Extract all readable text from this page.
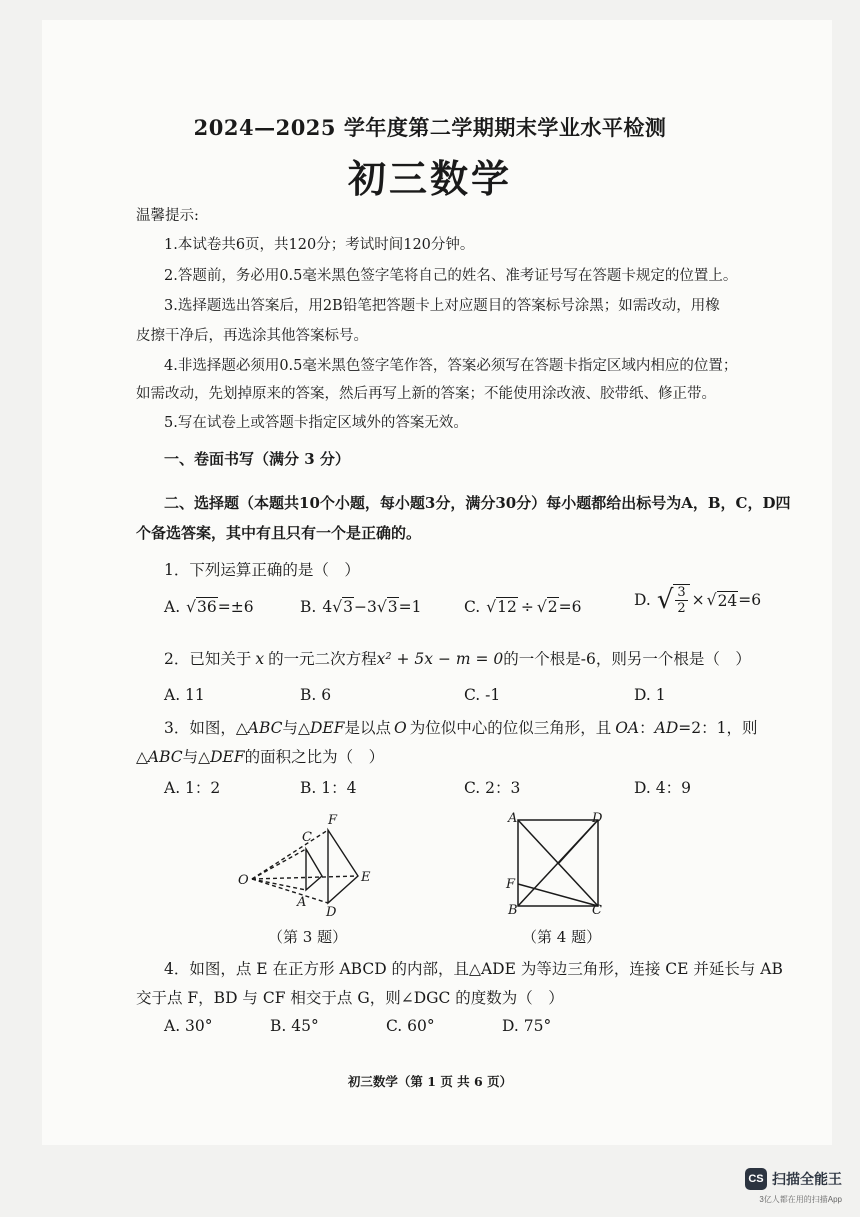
2024—2025 学年度第二学期期末学业水平检测
初三数学
温馨提示:
1.本试卷共6页，共120分；考试时间120分钟。
2.答题前，务必用0.5毫米黑色签字笔将自己的姓名、准考证号写在答题卡规定的位置上。
3.选择题选出答案后，用2B铅笔把答题卡上对应题目的答案标号涂黑；如需改动，用橡
皮擦干净后，再选涂其他答案标号。
4.非选择题必须用0.5毫米黑色签字笔作答，答案必须写在答题卡指定区域内相应的位置；
如需改动，先划掉原来的答案，然后再写上新的答案；不能使用涂改液、胶带纸、修正带。
5.写在试卷上或答题卡指定区域外的答案无效。
一、卷面书写（满分 3 分）
二、选择题（本题共10个小题，每小题3分，满分30分）每小题都给出标号为A，B，C，D四
个备选答案，其中有且只有一个是正确的。
1．下列运算正确的是（　）
A. √ 36 =±6	B. 4 √ 3 −3 √ 3 =1	C. √ 12 ÷ √ 2 =6	D. √ $\frac{3}{2}$ × √ 24 =6
2．已知关于 x 的一元二次方程x² + 5x − m = 0的一个根是-6，则另一个根是（　）
A. 11	B. 6	C. -1	D. 1
3．如图，△ABC与△DEF是以点 O 为位似中心的位似三角形，且 OA：AD=2：1，则
△ABC与△DEF的面积之比为（　）
A. 1：2	B. 1：4	C. 2：3	D. 4：9
C
F
O	E
A
D
（第 3 题）
A	D
F
B	C
（第 4 题）
4．如图，点 E 在正方形 ABCD 的内部，且△ADE 为等边三角形，连接 CE 并延长与 AB
交于点 F，BD 与 CF 相交于点 G，则∠DGC 的度数为（　）
A. 30°	B. 45°	C. 60°	D. 75°
初三数学（第 1 页 共 6 页）
CS 扫描全能王
3亿人都在用的扫描App
